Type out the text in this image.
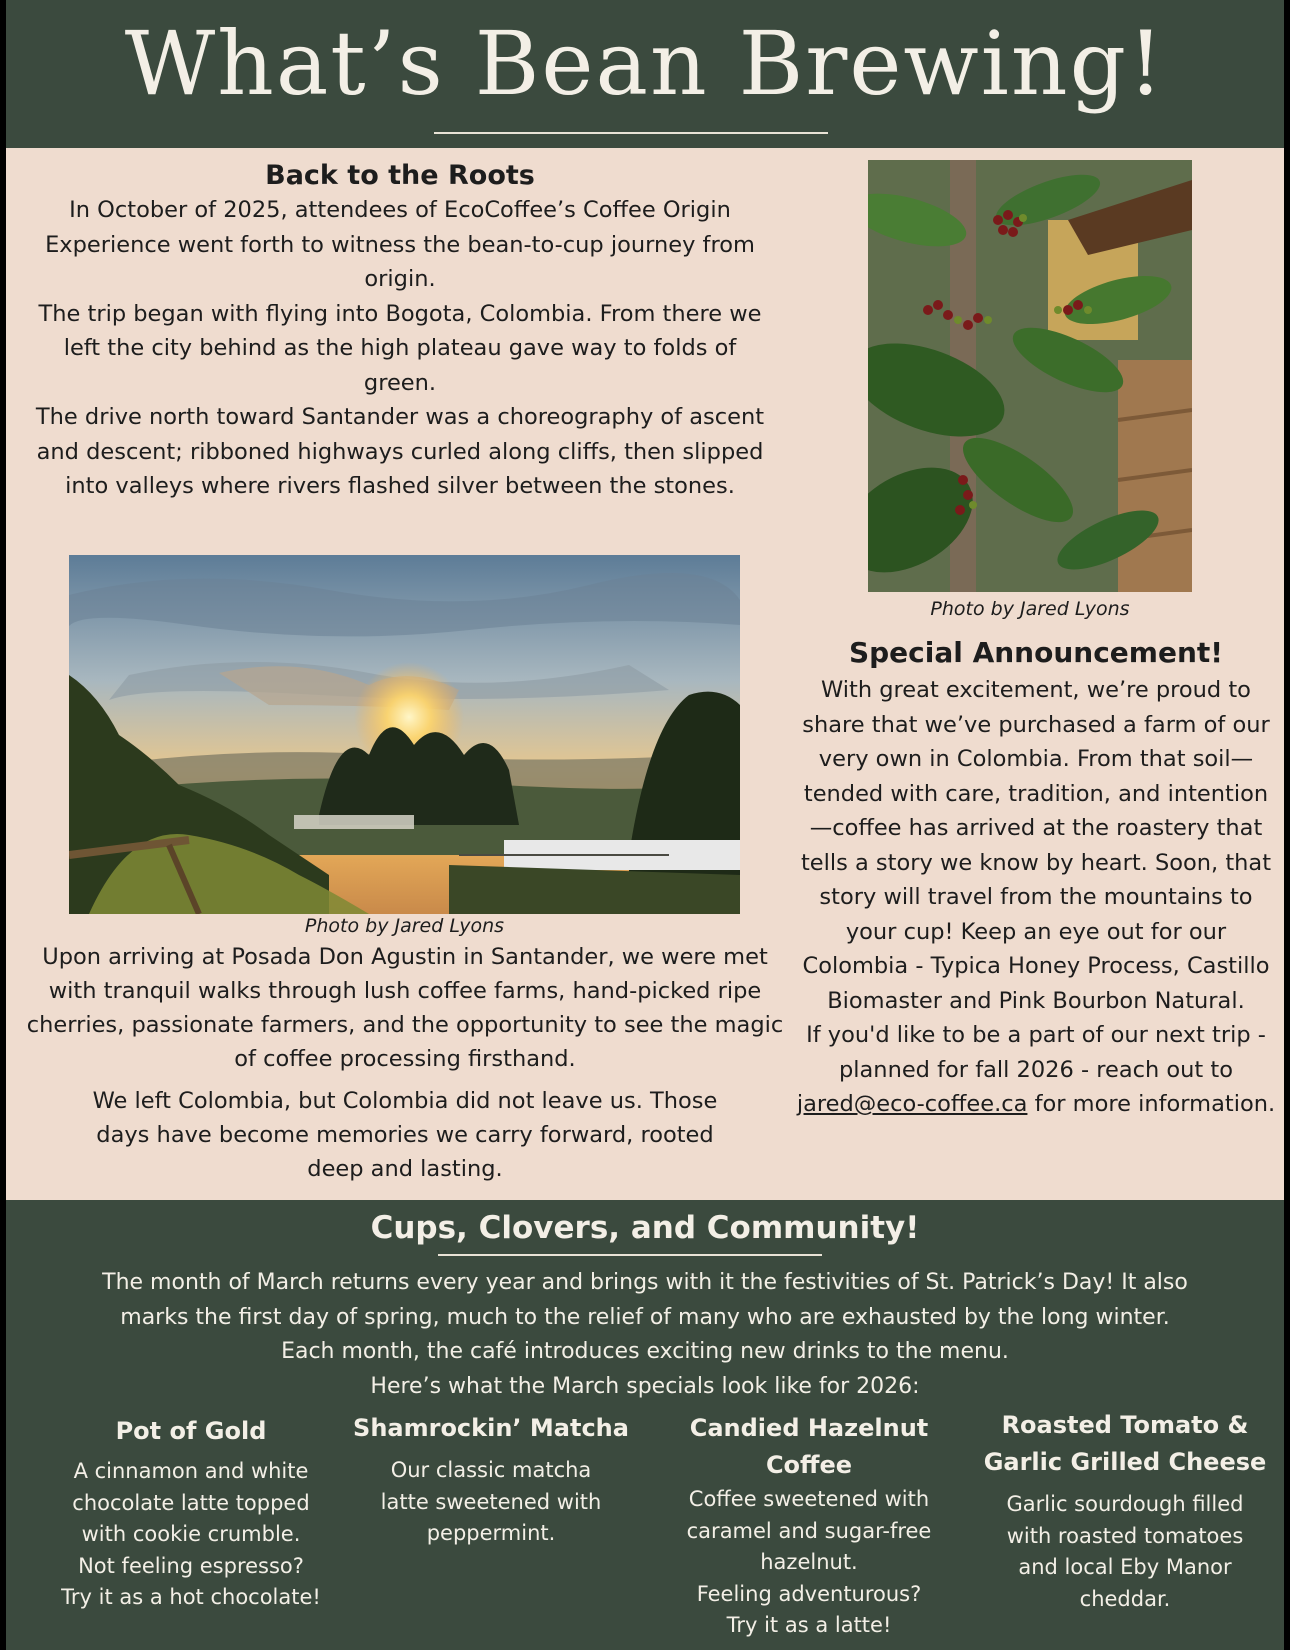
What’s Bean Brewing!
Back to the Roots

In October of 2025, attendees of EcoCoffee’s Coffee Origin Experience went forth to witness the bean-to-cup journey from origin.

The trip began with flying into Bogota, Colombia. From there we left the city behind as the high plateau gave way to folds of green.

The drive north toward Santander was a choreography of ascent and descent; ribboned highways curled along cliffs, then slipped into valleys where rivers flashed silver between the stones.

Photo by Jared Lyons

Upon arriving at Posada Don Agustin in Santander, we were met with tranquil walks through lush coffee farms, hand-picked ripe cherries, passionate farmers, and the opportunity to see the magic of coffee processing firsthand.

We left Colombia, but Colombia did not leave us. Those days have become memories we carry forward, rooted deep and lasting.

Photo by Jared Lyons
Special Announcement!

With great excitement, we’re proud to share that we’ve purchased a farm of our very own in Colombia. From that soil—tended with care, tradition, and intention—coffee has arrived at the roastery that tells a story we know by heart. Soon, that story will travel from the mountains to your cup! Keep an eye out for our Colombia - Typica Honey Process, Castillo Biomaster and Pink Bourbon Natural.

If you'd like to be a part of our next trip - planned for fall 2026 - reach out to jared@eco-coffee.ca for more information.

Cups, Clovers, and Community!
The month of March returns every year and brings with it the festivities of St. Patrick’s Day! It also
marks the first day of spring, much to the relief of many who are exhausted by the long winter.
Each month, the café introduces exciting new drinks to the menu.
Here’s what the March specials look like for 2026:
Pot of Gold

A cinnamon and white

chocolate latte topped

with cookie crumble.

Not feeling espresso?

Try it as a hot chocolate!

Shamrockin’ Matcha

Our classic matcha

latte sweetened with

peppermint.

Candied Hazelnut Coffee

Coffee sweetened with

caramel and sugar-free

hazelnut.

Feeling adventurous?

Try it as a latte!

Roasted Tomato & Garlic Grilled Cheese

Garlic sourdough filled

with roasted tomatoes

and local Eby Manor

cheddar.
